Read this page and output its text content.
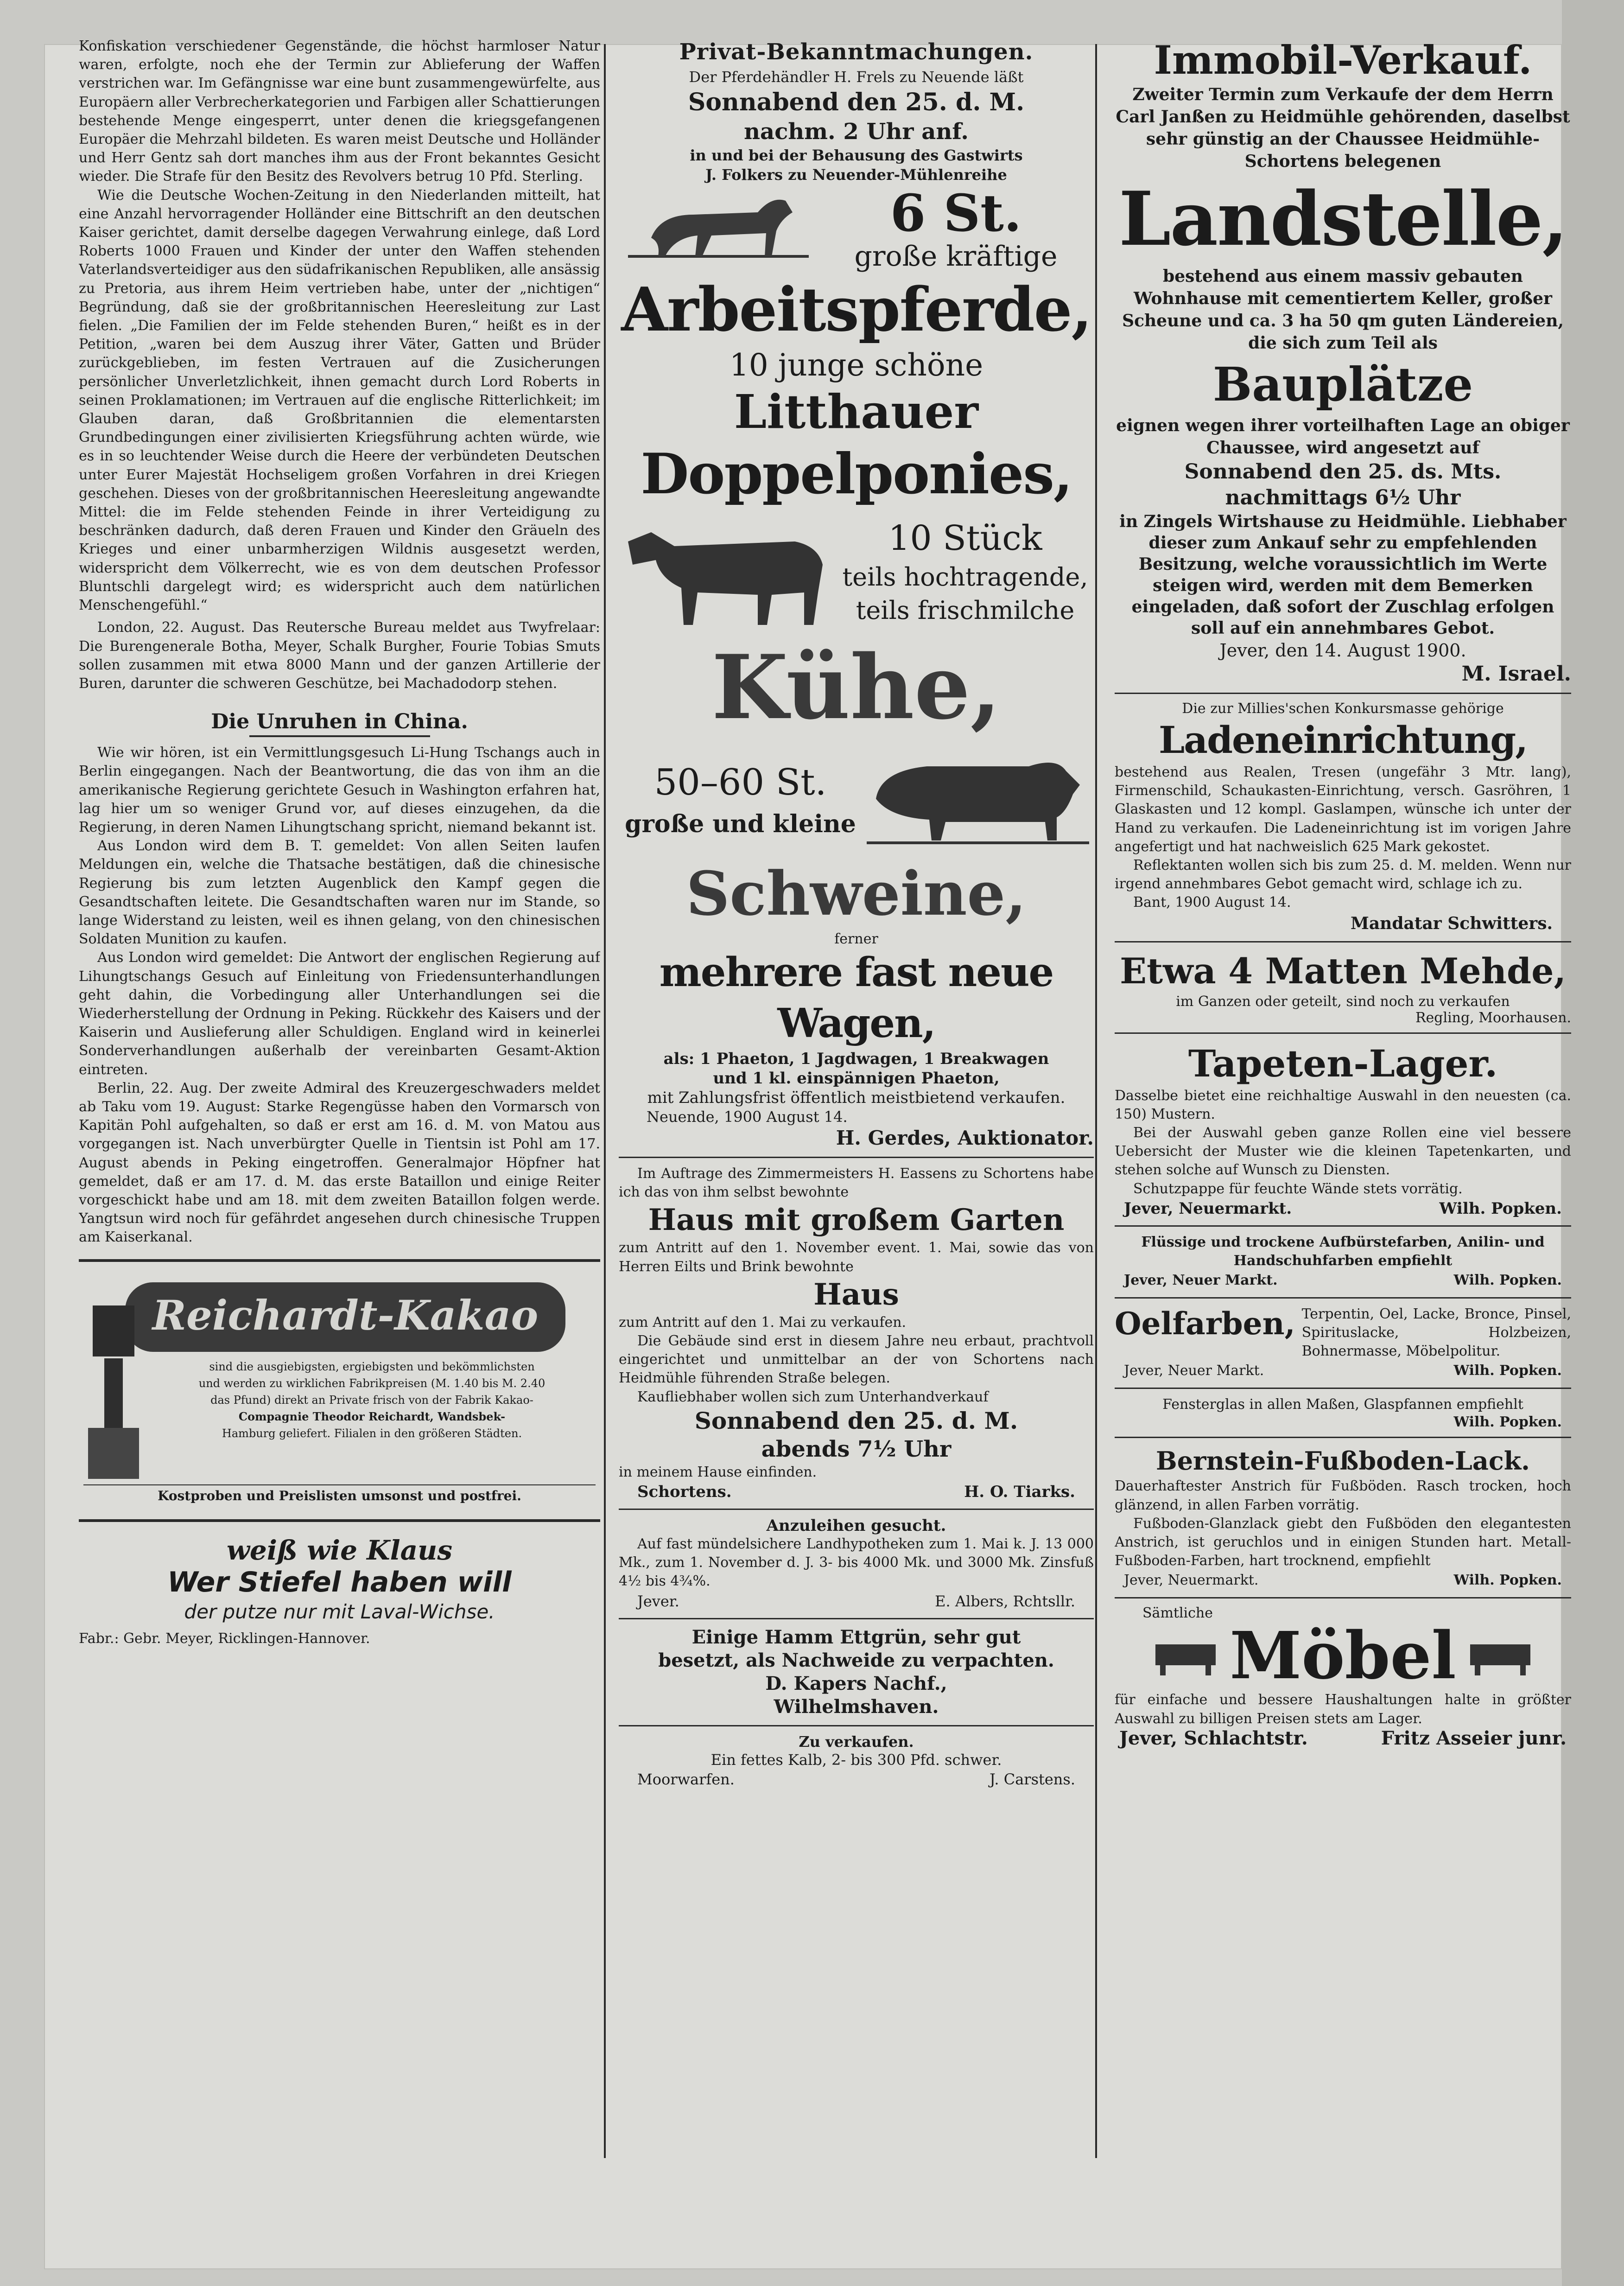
Konfiskation verschiedener Gegenstände, die höchst harmloser Natur waren, erfolgte, noch ehe der Termin zur Ablieferung der Waffen verstrichen war. Im Gefängnisse war eine bunt zusammengewürfelte, aus Europäern aller Verbrecherkategorien und Farbigen aller Schattierungen bestehende Menge eingesperrt, unter denen die kriegsgefangenen Europäer die Mehrzahl bildeten. Es waren meist Deutsche und Holländer und Herr Gentz sah dort manches ihm aus der Front bekanntes Gesicht wieder. Die Strafe für den Besitz des Revolvers betrug 10 Pfd. Sterling.

Wie die Deutsche Wochen-Zeitung in den Niederlanden mitteilt, hat eine Anzahl hervorragender Holländer eine Bittschrift an den deutschen Kaiser gerichtet, damit derselbe dagegen Verwahrung einlege, daß Lord Roberts 1000 Frauen und Kinder der unter den Waffen stehenden Vaterlandsverteidiger aus den südafrikanischen Republiken, alle ansässig zu Pretoria, aus ihrem Heim vertrieben habe, unter der „nichtigen“ Begründung, daß sie der großbritannischen Heeresleitung zur Last fielen. „Die Familien der im Felde stehenden Buren,“ heißt es in der Petition, „waren bei dem Auszug ihrer Väter, Gatten und Brüder zurückgeblieben, im festen Vertrauen auf die Zusicherungen persönlicher Unverletzlichkeit, ihnen gemacht durch Lord Roberts in seinen Proklamationen; im Vertrauen auf die englische Ritterlichkeit; im Glauben daran, daß Großbritannien die elementarsten Grundbedingungen einer zivilisierten Kriegsführung achten würde, wie es in so leuchtender Weise durch die Heere der verbündeten Deutschen unter Eurer Majestät Hochseligem großen Vorfahren in drei Kriegen geschehen. Dieses von der großbritannischen Heeresleitung angewandte Mittel: die im Felde stehenden Feinde in ihrer Verteidigung zu beschränken dadurch, daß deren Frauen und Kinder den Gräueln des Krieges und einer unbarmherzigen Wildnis ausgesetzt werden, widerspricht dem Völkerrecht, wie es von dem deutschen Professor Bluntschli dargelegt wird; es widerspricht auch dem natürlichen Menschengefühl.“

London, 22. August. Das Reutersche Bureau meldet aus Twyfrelaar: Die Burengenerale Botha, Meyer, Schalk Burgher, Fourie Tobias Smuts sollen zusammen mit etwa 8000 Mann und der ganzen Artillerie der Buren, darunter die schweren Geschütze, bei Machadodorp stehen.

Die Unruhen in China.

Wie wir hören, ist ein Vermittlungsgesuch Li-Hung Tschangs auch in Berlin eingegangen. Nach der Beantwortung, die das von ihm an die amerikanische Regierung gerichtete Gesuch in Washington erfahren hat, lag hier um so weniger Grund vor, auf dieses einzugehen, da die Regierung, in deren Namen Lihungtschang spricht, niemand bekannt ist.

Aus London wird dem B. T. gemeldet: Von allen Seiten laufen Meldungen ein, welche die Thatsache bestätigen, daß die chinesische Regierung bis zum letzten Augenblick den Kampf gegen die Gesandtschaften leitete. Die Gesandtschaften waren nur im Stande, so lange Widerstand zu leisten, weil es ihnen gelang, von den chinesischen Soldaten Munition zu kaufen.

Aus London wird gemeldet: Die Antwort der englischen Regierung auf Lihungtschangs Gesuch auf Einleitung von Friedensunterhandlungen geht dahin, die Vorbedingung aller Unterhandlungen sei die Wiederherstellung der Ordnung in Peking. Rückkehr des Kaisers und der Kaiserin und Auslieferung aller Schuldigen. England wird in keinerlei Sonderverhandlungen außerhalb der vereinbarten Gesamt-Aktion eintreten.

Berlin, 22. Aug. Der zweite Admiral des Kreuzergeschwaders meldet ab Taku vom 19. August: Starke Regengüsse haben den Vormarsch von Kapitän Pohl aufgehalten, so daß er erst am 16. d. M. von Matou aus vorgegangen ist. Nach unverbürgter Quelle in Tientsin ist Pohl am 17. August abends in Peking eingetroffen. Generalmajor Höpfner hat gemeldet, daß er am 17. d. M. das erste Bataillon und einige Reiter vorgeschickt habe und am 18. mit dem zweiten Bataillon folgen werde. Yangtsun wird noch für gefährdet angesehen durch chinesische Truppen am Kaiserkanal.

Reichardt-Kakao

sind die ausgiebigsten, ergiebigsten und bekömmlichsten

und werden zu wirklichen Fabrikpreisen (M. 1.40 bis M. 2.40

das Pfund) direkt an Private frisch von der Fabrik Kakao-

Compagnie Theodor Reichardt, Wandsbek-

Hamburg geliefert. Filialen in den größeren Städten.

Kostproben und Preislisten umsonst und postfrei.

weiß wie Klaus

Wer Stiefel haben will

der putze nur mit Laval-Wichse.

Fabr.: Gebr. Meyer, Ricklingen-Hannover.

Privat-Bekanntmachungen.

Der Pferdehändler H. Frels zu Neuende läßt

Sonnabend den 25. d. M.

nachm. 2 Uhr anf.

in und bei der Behausung des Gastwirts

J. Folkers zu Neuender-Mühlenreihe

6 St.

große kräftige

Arbeitspferde,

10 junge schöne

Litthauer

Doppelponies,

10 Stück

teils hochtragende,

teils frischmilche

Kühe,

50–60 St.

große und kleine

Schweine,

ferner

mehrere fast neue Wagen,

als: 1 Phaeton, 1 Jagdwagen, 1 Breakwagen

und 1 kl. einspännigen Phaeton,

mit Zahlungsfrist öffentlich meistbietend verkaufen.

Neuende, 1900 August 14.

H. Gerdes, Auktionator.

Im Auftrage des Zimmermeisters H. Eassens zu Schortens habe ich das von ihm selbst bewohnte

Haus mit großem Garten

zum Antritt auf den 1. November event. 1. Mai, sowie das von Herren Eilts und Brink bewohnte

Haus

zum Antritt auf den 1. Mai zu verkaufen.

Die Gebäude sind erst in diesem Jahre neu erbaut, prachtvoll eingerichtet und unmittelbar an der von Schortens nach Heidmühle führenden Straße belegen.

Kaufliebhaber wollen sich zum Unterhandverkauf

Sonnabend den 25. d. M.

abends 7½ Uhr

in meinem Hause einfinden.

Schortens.	H. O. Tiarks.

Anzuleihen gesucht.

Auf fast mündelsichere Landhypotheken zum 1. Mai k. J. 13 000 Mk., zum 1. November d. J. 3- bis 4000 Mk. und 3000 Mk. Zinsfuß 4½ bis 4¾%.

Jever.	E. Albers, Rchtsllr.

Einige Hamm Ettgrün, sehr gut

besetzt, als Nachweide zu verpachten.

D. Kapers Nachf.,

Wilhelmshaven.

Zu verkaufen.

Ein fettes Kalb, 2- bis 300 Pfd. schwer.

Moorwarfen.	J. Carstens.

Immobil-Verkauf.

Zweiter Termin zum Verkaufe der dem Herrn Carl Janßen zu Heidmühle gehörenden, daselbst sehr günstig an der Chaussee Heidmühle-Schortens belegenen

Landstelle,

bestehend aus einem massiv gebauten Wohnhause mit cementiertem Keller, großer Scheune und ca. 3 ha 50 qm guten Ländereien, die sich zum Teil als

Bauplätze

eignen wegen ihrer vorteilhaften Lage an obiger Chaussee, wird angesetzt auf

Sonnabend den 25. ds. Mts.

nachmittags 6½ Uhr

in Zingels Wirtshause zu Heidmühle. Liebhaber dieser zum Ankauf sehr zu empfehlenden Besitzung, welche voraussichtlich im Werte steigen wird, werden mit dem Bemerken eingeladen, daß sofort der Zuschlag erfolgen soll auf ein annehmbares Gebot.

Jever, den 14. August 1900.

M. Israel.

Die zur Millies'schen Konkursmasse gehörige

Ladeneinrichtung,

bestehend aus Realen, Tresen (ungefähr 3 Mtr. lang), Firmenschild, Schaukasten-Einrichtung, versch. Gasröhren, 1 Glaskasten und 12 kompl. Gaslampen, wünsche ich unter der Hand zu verkaufen. Die Ladeneinrichtung ist im vorigen Jahre angefertigt und hat nachweislich 625 Mark gekostet.

Reflektanten wollen sich bis zum 25. d. M. melden. Wenn nur irgend annehmbares Gebot gemacht wird, schlage ich zu.

Bant, 1900 August 14.

Mandatar Schwitters.

Etwa 4 Matten Mehde,

im Ganzen oder geteilt, sind noch zu verkaufen

Regling, Moorhausen.

Tapeten-Lager.

Dasselbe bietet eine reichhaltige Auswahl in den neuesten (ca. 150) Mustern.

Bei der Auswahl geben ganze Rollen eine viel bessere Uebersicht der Muster wie die kleinen Tapetenkarten, und stehen solche auf Wunsch zu Diensten.

Schutzpappe für feuchte Wände stets vorrätig.

Jever, Neuermarkt.	Wilh. Popken.

Flüssige und trockene Aufbürstefarben, Anilin- und Handschuhfarben empfiehlt

Jever, Neuer Markt.	Wilh. Popken.

Oelfarben, Terpentin, Oel, Lacke, Bronce, Pinsel, Spirituslacke, Holzbeizen, Bohnermasse, Möbelpolitur.

Jever, Neuer Markt.	Wilh. Popken.

Fensterglas in allen Maßen, Glaspfannen empfiehlt

Wilh. Popken.

Bernstein-Fußboden-Lack.

Dauerhaftester Anstrich für Fußböden. Rasch trocken, hoch glänzend, in allen Farben vorrätig.

Fußboden-Glanzlack giebt den Fußböden den elegantesten Anstrich, ist geruchlos und in einigen Stunden hart. Metall-Fußboden-Farben, hart trocknend, empfiehlt

Jever, Neuermarkt.	Wilh. Popken.

Sämtliche

Möbel

für einfache und bessere Haushaltungen halte in größter Auswahl zu billigen Preisen stets am Lager.

Jever, Schlachtstr.	Fritz Asseier junr.
